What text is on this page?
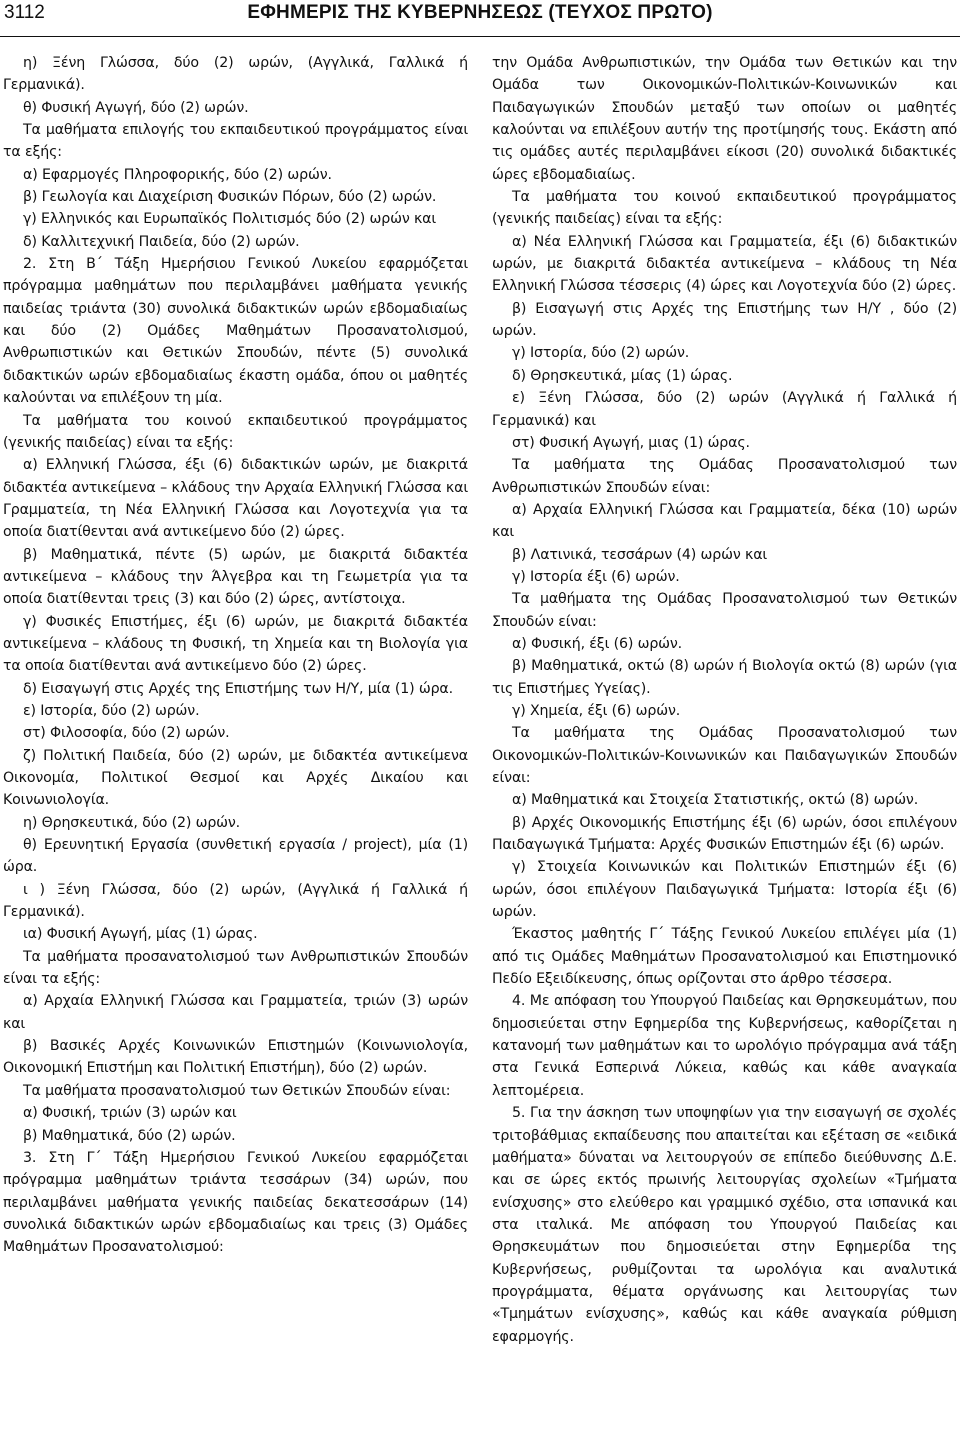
3112	ΕΦΗΜΕΡΙΣ ΤΗΣ ΚΥΒΕΡΝΗΣΕΩΣ (ΤΕΥΧΟΣ ΠΡΩΤΟ)

η) Ξένη Γλώσσα, δύο (2) ωρών, (Αγγλικά, Γαλλικά ή Γερμανικά).

θ) Φυσική Αγωγή, δύο (2) ωρών.

Τα μαθήματα επιλογής του εκπαιδευτικού προγράμματος είναι τα εξής:

α) Εφαρμογές Πληροφορικής, δύο (2) ωρών.

β) Γεωλογία και Διαχείριση Φυσικών Πόρων, δύο (2) ωρών.

γ) Ελληνικός και Ευρωπαϊκός Πολιτισμός δύο (2) ωρών και

δ) Καλλιτεχνική Παιδεία, δύο (2) ωρών.

2. Στη Β΄ Τάξη Ημερήσιου Γενικού Λυκείου εφαρμόζεται πρόγραμμα μαθημάτων που περιλαμβάνει μαθήματα γενικής παιδείας τριάντα (30) συνολικά διδακτικών ωρών εβδομαδιαίως και δύο (2) Ομάδες Μαθημάτων Προσανατολισμού, Ανθρωπιστικών και Θετικών Σπουδών, πέντε (5) συνολικά διδακτικών ωρών εβδομαδιαίως έκαστη ομάδα, όπου οι μαθητές καλούνται να επιλέξουν τη μία.

Τα μαθήματα του κοινού εκπαιδευτικού προγράμματος (γενικής παιδείας) είναι τα εξής:

α) Ελληνική Γλώσσα, έξι (6) διδακτικών ωρών, με διακριτά διδακτέα αντικείμενα – κλάδους την Αρχαία Ελληνική Γλώσσα και Γραμματεία, τη Νέα Ελληνική Γλώσσα και Λογοτεχνία για τα οποία διατίθενται ανά αντικείμενο δύο (2) ώρες.

β) Μαθηματικά, πέντε (5) ωρών, με διακριτά διδακτέα αντικείμενα – κλάδους την Άλγεβρα και τη Γεωμετρία για τα οποία διατίθενται τρεις (3) και δύο (2) ώρες, αντίστοιχα.

γ) Φυσικές Επιστήμες, έξι (6) ωρών, με διακριτά διδακτέα αντικείμενα – κλάδους τη Φυσική, τη Χημεία και τη Βιολογία για τα οποία διατίθενται ανά αντικείμενο δύο (2) ώρες.

δ) Εισαγωγή στις Αρχές της Επιστήμης των Η/Υ, μία (1) ώρα.

ε) Ιστορία, δύο (2) ωρών.

στ) Φιλοσοφία, δύο (2) ωρών.

ζ) Πολιτική Παιδεία, δύο (2) ωρών, με διδακτέα αντικείμενα Οικονομία, Πολιτικοί Θεσμοί και Αρχές Δικαίου και Κοινωνιολογία.

η) Θρησκευτικά, δύο (2) ωρών.

θ) Ερευνητική Εργασία (συνθετική εργασία / project), μία (1) ώρα.

ι ) Ξένη Γλώσσα, δύο (2) ωρών, (Αγγλικά ή Γαλλικά ή Γερμανικά).

ια) Φυσική Αγωγή, μίας (1) ώρας.

Τα μαθήματα προσανατολισμού των Ανθρωπιστικών Σπουδών είναι τα εξής:

α) Αρχαία Ελληνική Γλώσσα και Γραμματεία, τριών (3) ωρών και

β) Βασικές Αρχές Κοινωνικών Επιστημών (Κοινωνιολογία, Οικονομική Επιστήμη και Πολιτική Επιστήμη), δύο (2) ωρών.

Τα μαθήματα προσανατολισμού των Θετικών Σπουδών είναι:

α) Φυσική, τριών (3) ωρών και

β) Μαθηματικά, δύο (2) ωρών.

3. Στη Γ΄ Τάξη Ημερήσιου Γενικού Λυκείου εφαρμόζεται πρόγραμμα μαθημάτων τριάντα τεσσάρων (34) ωρών, που περιλαμβάνει μαθήματα γενικής παιδείας δεκατεσσάρων (14) συνολικά διδακτικών ωρών εβδομαδιαίως και τρεις (3) Ομάδες Μαθημάτων Προσανατολισμού:

την Ομάδα Ανθρωπιστικών, την Ομάδα των Θετικών και την Ομάδα των Οικονομικών-Πολιτικών-Κοινωνικών και Παιδαγωγικών Σπουδών μεταξύ των οποίων οι μαθητές καλούνται να επιλέξουν αυτήν της προτίμησής τους. Εκάστη από τις ομάδες αυτές περιλαμβάνει είκοσι (20) συνολικά διδακτικές ώρες εβδομαδιαίως.

Τα μαθήματα του κοινού εκπαιδευτικού προγράμματος (γενικής παιδείας) είναι τα εξής:

α) Νέα Ελληνική Γλώσσα και Γραμματεία, έξι (6) διδακτικών ωρών, με διακριτά διδακτέα αντικείμενα – κλάδους τη Νέα Ελληνική Γλώσσα τέσσερις (4) ώρες και Λογοτεχνία δύο (2) ώρες.

β) Εισαγωγή στις Αρχές της Επιστήμης των Η/Υ , δύο (2) ωρών.

γ) Ιστορία, δύο (2) ωρών.

δ) Θρησκευτικά, μίας (1) ώρας.

ε) Ξένη Γλώσσα, δύο (2) ωρών (Αγγλικά ή Γαλλικά ή Γερμανικά) και

στ) Φυσική Αγωγή, μιας (1) ώρας.

Τα μαθήματα της Ομάδας Προσανατολισμού των Ανθρωπιστικών Σπουδών είναι:

α) Αρχαία Ελληνική Γλώσσα και Γραμματεία, δέκα (10) ωρών και

β) Λατινικά, τεσσάρων (4) ωρών και

γ) Ιστορία έξι (6) ωρών.

Τα μαθήματα της Ομάδας Προσανατολισμού των Θετικών Σπουδών είναι:

α) Φυσική, έξι (6) ωρών.

β) Μαθηματικά, οκτώ (8) ωρών ή Βιολογία οκτώ (8) ωρών (για τις Επιστήμες Υγείας).

γ) Χημεία, έξι (6) ωρών.

Τα μαθήματα της Ομάδας Προσανατολισμού των Οικονομικών-Πολιτικών-Κοινωνικών και Παιδαγωγικών Σπουδών είναι:

α) Μαθηματικά και Στοιχεία Στατιστικής, οκτώ (8) ωρών.

β) Αρχές Οικονομικής Επιστήμης έξι (6) ωρών, όσοι επιλέγουν Παιδαγωγικά Τμήματα: Αρχές Φυσικών Επιστημών έξι (6) ωρών.

γ) Στοιχεία Κοινωνικών και Πολιτικών Επιστημών έξι (6) ωρών, όσοι επιλέγουν Παιδαγωγικά Τμήματα: Ιστορία έξι (6) ωρών.

Έκαστος μαθητής Γ΄ Τάξης Γενικού Λυκείου επιλέγει μία (1) από τις Ομάδες Μαθημάτων Προσανατολισμού και Επιστημονικό Πεδίο Εξειδίκευσης, όπως ορίζονται στο άρθρο τέσσερα.

4. Με απόφαση του Υπουργού Παιδείας και Θρησκευμάτων, που δημοσιεύεται στην Εφημερίδα της Κυβερνήσεως, καθορίζεται η κατανομή των μαθημάτων και το ωρολόγιο πρόγραμμα ανά τάξη στα Γενικά Εσπερινά Λύκεια, καθώς και κάθε αναγκαία λεπτομέρεια.

5. Για την άσκηση των υποψηφίων για την εισαγωγή σε σχολές τριτοβάθμιας εκπαίδευσης που απαιτείται και εξέταση σε «ειδικά μαθήματα» δύναται να λειτουργούν σε επίπεδο διεύθυνσης Δ.Ε. και σε ώρες εκτός πρωινής λειτουργίας σχολείων «Τμήματα ενίσχυσης» στο ελεύθερο και γραμμικό σχέδιο, στα ισπανικά και στα ιταλικά. Με απόφαση του Υπουργού Παιδείας και Θρησκευμάτων που δημοσιεύεται στην Εφημερίδα της Κυβερνήσεως, ρυθμίζονται τα ωρολόγια και αναλυτικά προγράμματα, θέματα οργάνωσης και λειτουργίας των «Τμημάτων ενίσχυσης», καθώς και κάθε αναγκαία ρύθμιση εφαρμογής.
